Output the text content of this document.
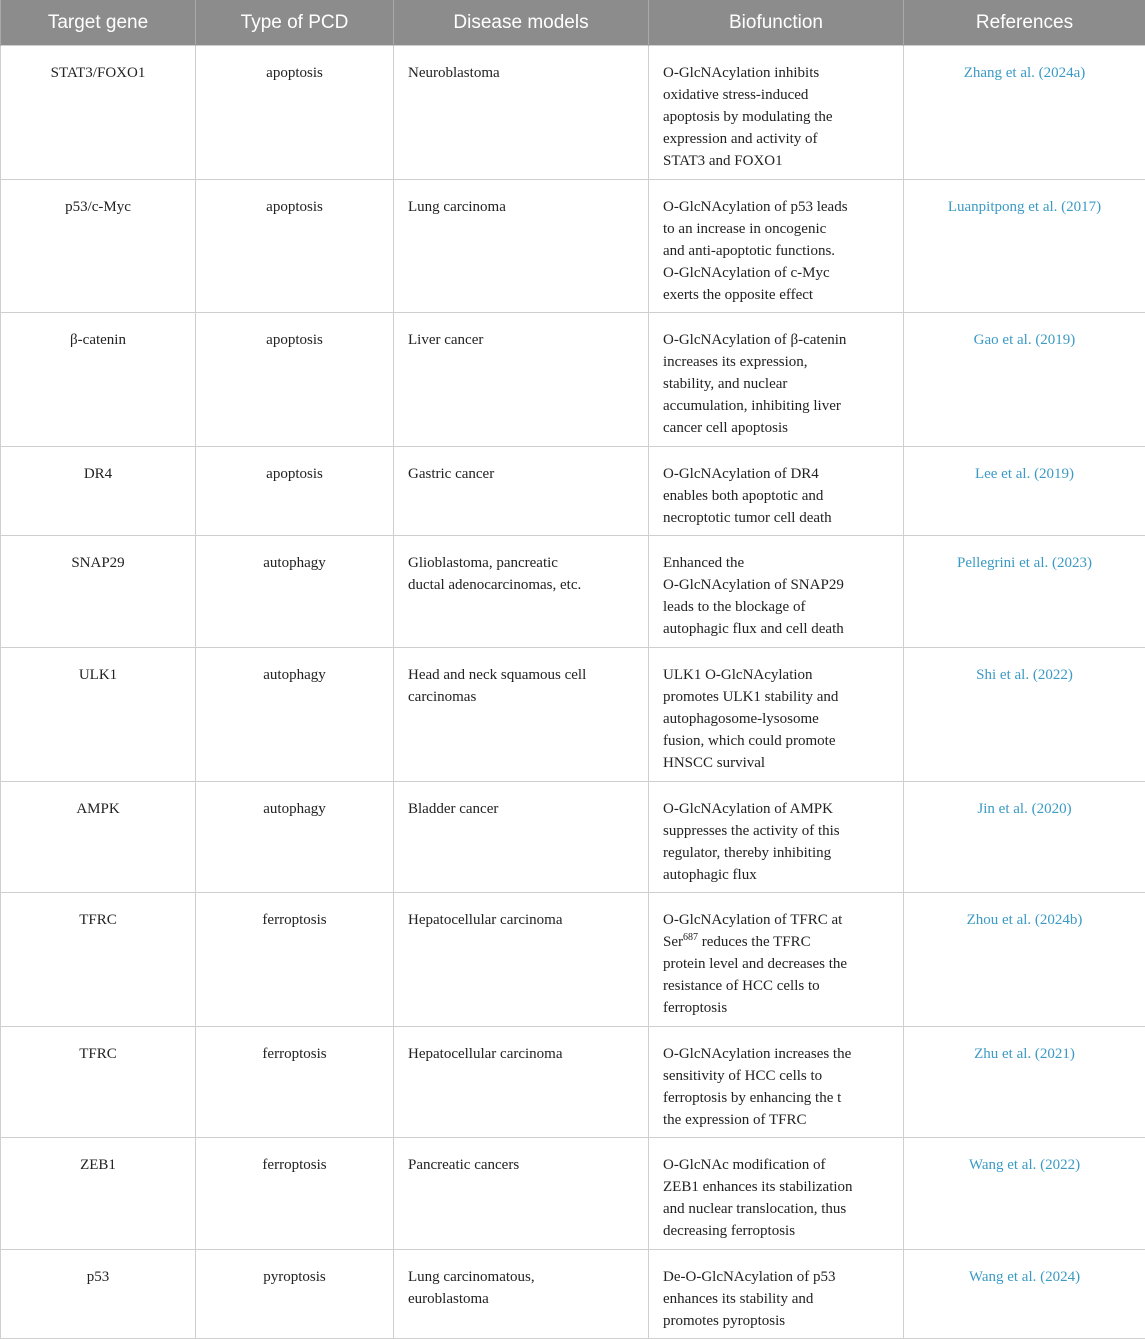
Target gene	Type of PCD	Disease models	Biofunction	References
STAT3/FOXO1	apoptosis	Neuroblastoma	O-GlcNAcylation inhibits
oxidative stress-induced
apoptosis by modulating the
expression and activity of
STAT3 and FOXO1	Zhang et al. (2024a)
p53/c-Myc	apoptosis	Lung carcinoma	O-GlcNAcylation of p53 leads
to an increase in oncogenic
and anti-apoptotic functions.
O-GlcNAcylation of c-Myc
exerts the opposite effect	Luanpitpong et al. (2017)
β-catenin	apoptosis	Liver cancer	O-GlcNAcylation of β-catenin
increases its expression,
stability, and nuclear
accumulation, inhibiting liver
cancer cell apoptosis	Gao et al. (2019)
DR4	apoptosis	Gastric cancer	O-GlcNAcylation of DR4
enables both apoptotic and
necroptotic tumor cell death	Lee et al. (2019)
SNAP29	autophagy	Glioblastoma, pancreatic
ductal adenocarcinomas, etc.	Enhanced the
O-GlcNAcylation of SNAP29
leads to the blockage of
autophagic flux and cell death	Pellegrini et al. (2023)
ULK1	autophagy	Head and neck squamous cell
carcinomas	ULK1 O-GlcNAcylation
promotes ULK1 stability and
autophagosome-lysosome
fusion, which could promote
HNSCC survival	Shi et al. (2022)
AMPK	autophagy	Bladder cancer	O-GlcNAcylation of AMPK
suppresses the activity of this
regulator, thereby inhibiting
autophagic flux	Jin et al. (2020)
TFRC	ferroptosis	Hepatocellular carcinoma	O-GlcNAcylation of TFRC at
Ser$^{687}$ reduces the TFRC
protein level and decreases the
resistance of HCC cells to
ferroptosis	Zhou et al. (2024b)
TFRC	ferroptosis	Hepatocellular carcinoma	O-GlcNAcylation increases the
sensitivity of HCC cells to
ferroptosis by enhancing the t
the expression of TFRC	Zhu et al. (2021)
ZEB1	ferroptosis	Pancreatic cancers	O-GlcNAc modification of
ZEB1 enhances its stabilization
and nuclear translocation, thus
decreasing ferroptosis	Wang et al. (2022)
p53	pyroptosis	Lung carcinomatous,
euroblastoma	De-O-GlcNAcylation of p53
enhances its stability and
promotes pyroptosis	Wang et al. (2024)
